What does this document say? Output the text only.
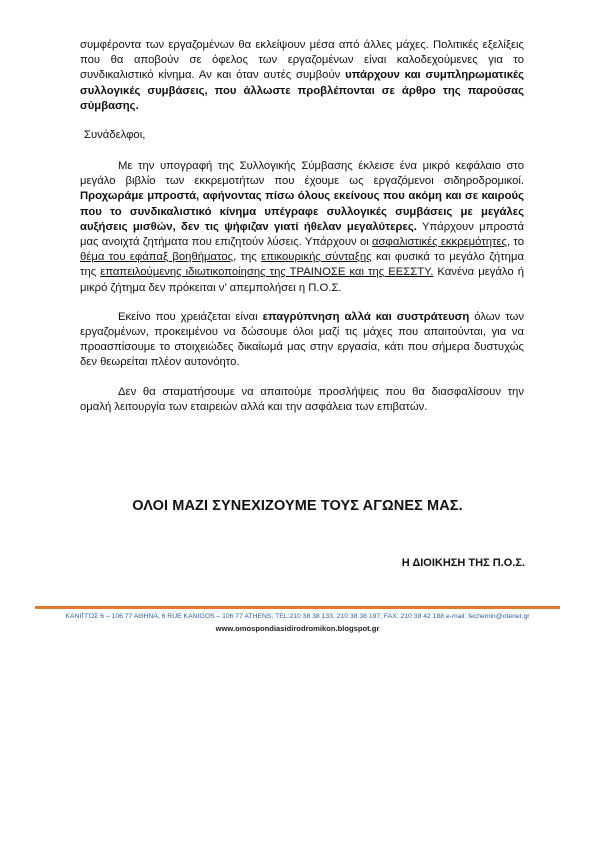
συμφέροντα των εργαζομένων θα εκλείψουν μέσα από άλλες μάχες. Πολιτικές εξελίξεις που θα αποβούν σε όφελος των εργαζομένων είναι καλοδεχούμενες για το συνδικαλιστικό κίνημα. Αν και όταν αυτές συμβούν υπάρχουν και συμπληρωματικές συλλογικές συμβάσεις, που άλλωστε προβλέπονται σε άρθρο της παρούσας σύμβασης.

Συνάδελφοι,

Με την υπογραφή της Συλλογικής Σύμβασης έκλεισε ένα μικρό κεφάλαιο στο μεγάλο βιβλίο των εκκρεμοτήτων που έχουμε ως εργαζόμενοι σιδηροδρομικοί. Προχωράμε μπροστά, αφήνοντας πίσω όλους εκείνους που ακόμη και σε καιρούς που το συνδικαλιστικό κίνημα υπέγραφε συλλογικές συμβάσεις με μεγάλες αυξήσεις μισθών, δεν τις ψήφιζαν γιατί ήθελαν μεγαλύτερες. Υπάρχουν μπροστά μας ανοιχτά ζητήματα που επιζητούν λύσεις. Υπάρχουν οι ασφαλιστικές εκκρεμότητες, το θέμα του εφάπαξ βοηθήματος, της επικουρικής σύνταξης και φυσικά το μεγάλο ζήτημα της επαπειλούμενης ιδιωτικοποίησης της ΤΡΑΙΝΟΣΕ και της ΕΕΣΣΤΥ. Κανένα μεγάλο ή μικρό ζήτημα δεν πρόκειται ν’ απεμπολήσει η Π.Ο.Σ.

Εκείνο που χρειάζεται είναι επαγρύπνηση αλλά και συστράτευση όλων των εργαζομένων, προκειμένου να δώσουμε όλοι μαζί τις μάχες που απαιτούνται, για να προασπίσουμε το στοιχειώδες δικαίωμά μας στην εργασία, κάτι που σήμερα δυστυχώς δεν θεωρείται πλέον αυτονόητο.

Δεν θα σταματήσουμε να απαιτούμε προσλήψεις που θα διασφαλίσουν την ομαλή λειτουργία των εταιρειών αλλά και την ασφάλεια των επιβατών.

ΟΛΟΙ ΜΑΖΙ ΣΥΝΕΧΙΖΟΥΜΕ ΤΟΥΣ ΑΓΩΝΕΣ ΜΑΣ.
Η ΔΙΟΙΚΗΣΗ ΤΗΣ Π.Ο.Σ.
ΚΑΝΙΓΓΟΣ 6 – 106 77 ΑΘΗΝΑ, 6 RUE KANIGOS – 106 77 ATHENS, TEL:210 38 38 133, 210 38 38 197, FAX: 210 38 42 188 e-mail: fechemin@otenet.gr
www.omospondiasidirodromikon.blogspot.gr
